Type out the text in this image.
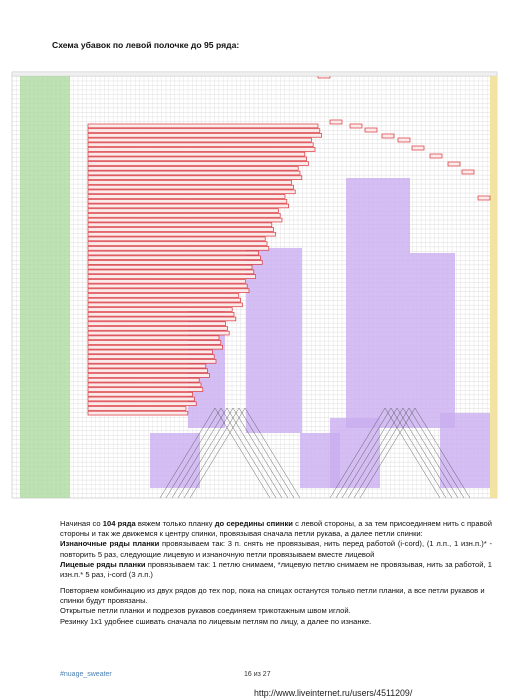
Схема убавок по левой полочке до 95 ряда:

Начиная со 104 ряда вяжем только планку до середины спинки с левой стороны, а за тем присоединяем нить с правой стороны и так же движемся к центру спинки, провязывая сначала петли рукава, а далее петли спинки:

Изнаночные ряды планки провязываем так: 3 п. снять не провязывая, нить перед работой (i-cord), (1 л.п., 1 изн.п.)* - повторить 5 раз, следующие лицевую и изнаночную петли провязываем вместе лицевой

Лицевые ряды планки провязываем так: 1 петлю снимаем, *лицевую петлю снимаем не провязывая, нить за работой, 1 изн.п.* 5 раз, i-cord (3 л.п.)

Повторяем комбинацию из двух рядов до тех пор, пока на спицах останутся только петли планки, а все петли рукавов и спинки будут провязаны.

Открытые петли планки и подрезов рукавов соединяем трикотажным швом иглой.

Резинку 1х1 удобнее сшивать сначала по лицевым петлям по лицу, а далее по изнанке.

#nuage_sweater	16 из 27
http://www.liveinternet.ru/users/4511209/
